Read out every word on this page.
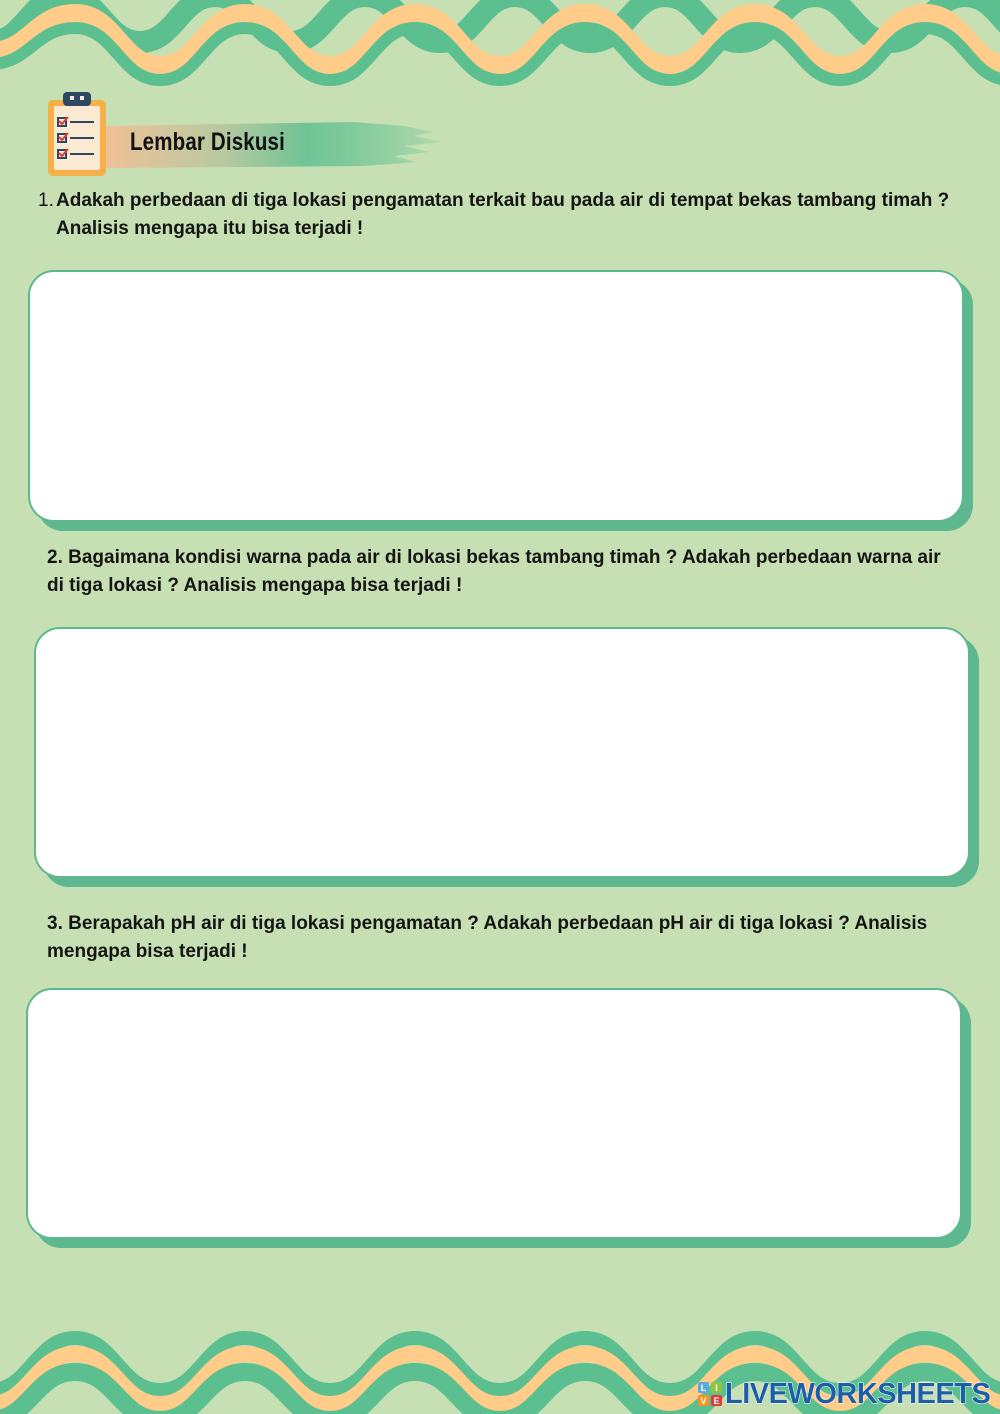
Lembar Diskusi
1. Adakah perbedaan di tiga lokasi pengamatan terkait bau pada air di tempat bekas tambang timah ? Analisis mengapa itu bisa terjadi !
2. Bagaimana kondisi warna pada air di lokasi bekas tambang timah ? Adakah perbedaan warna air di tiga lokasi ? Analisis mengapa bisa terjadi !
3. Berapakah pH air di tiga lokasi pengamatan ? Adakah perbedaan pH air di tiga lokasi ? Analisis mengapa bisa terjadi !
L I
V E LIVEWORKSHEETS
